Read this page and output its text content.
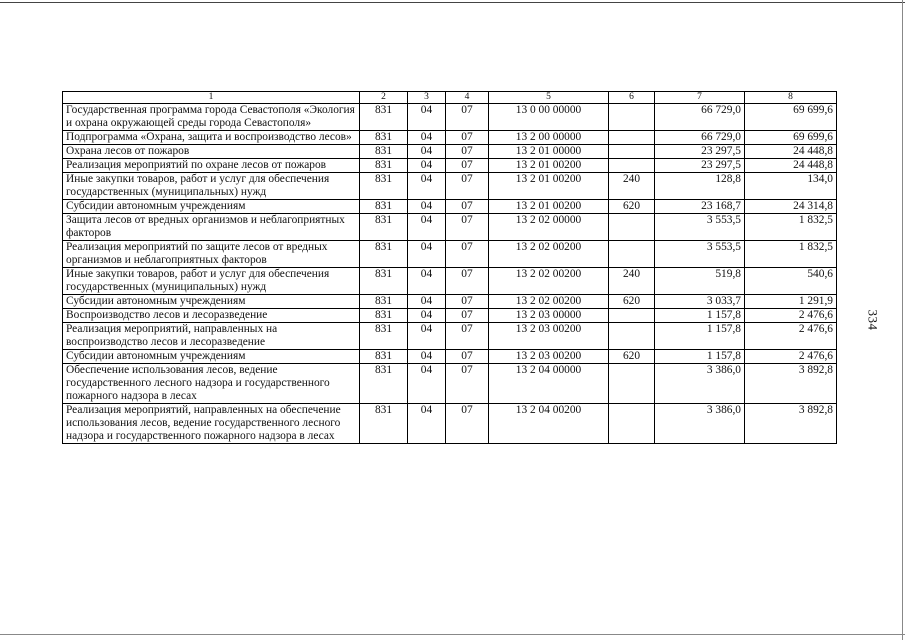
334
1	2	3	4	5	6	7	8
Государственная программа города Севастополя «Экология и охрана окружающей среды города Севастополя»	831	04	07	13 0 00 00000		66 729,0	69 699,6
Подпрограмма «Охрана, защита и воспроизводство лесов»	831	04	07	13 2 00 00000		66 729,0	69 699,6
Охрана лесов от пожаров	831	04	07	13 2 01 00000		23 297,5	24 448,8
Реализация мероприятий по охране лесов от пожаров	831	04	07	13 2 01 00200		23 297,5	24 448,8
Иные закупки товаров, работ и услуг для обеспечения государственных (муниципальных) нужд	831	04	07	13 2 01 00200	240	128,8	134,0
Субсидии автономным учреждениям	831	04	07	13 2 01 00200	620	23 168,7	24 314,8
Защита лесов от вредных организмов и неблагоприятных факторов	831	04	07	13 2 02 00000		3 553,5	1 832,5
Реализация мероприятий по защите лесов от вредных организмов и неблагоприятных факторов	831	04	07	13 2 02 00200		3 553,5	1 832,5
Иные закупки товаров, работ и услуг для обеспечения государственных (муниципальных) нужд	831	04	07	13 2 02 00200	240	519,8	540,6
Субсидии автономным учреждениям	831	04	07	13 2 02 00200	620	3 033,7	1 291,9
Воспроизводство лесов и лесоразведение	831	04	07	13 2 03 00000		1 157,8	2 476,6
Реализация мероприятий, направленных на воспроизводство лесов и лесоразведение	831	04	07	13 2 03 00200		1 157,8	2 476,6
Субсидии автономным учреждениям	831	04	07	13 2 03 00200	620	1 157,8	2 476,6
Обеспечение использования лесов, ведение государственного лесного надзора и государственного пожарного надзора в лесах	831	04	07	13 2 04 00000		3 386,0	3 892,8
Реализация мероприятий, направленных на обеспечение использования лесов, ведение государственного лесного надзора и государственного пожарного надзора в лесах	831	04	07	13 2 04 00200		3 386,0	3 892,8
